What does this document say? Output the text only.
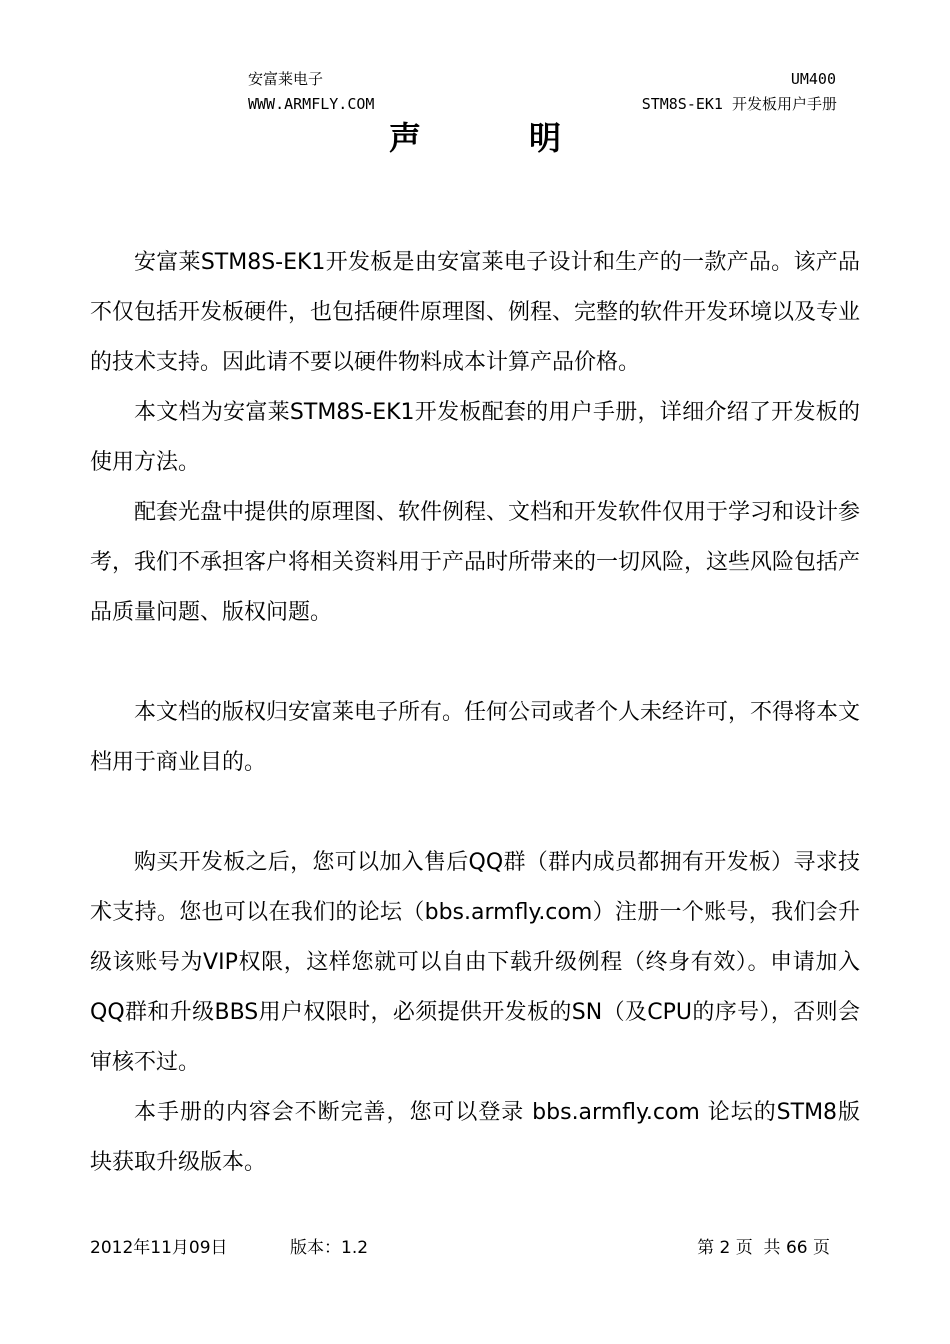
安富莱电子
WWW.ARMFLY.COM
UM400
STM8S-EK1 开发板用户手册
声	明

安富莱STM8S-EK1开发板是由安富莱电子设计和生产的一款产品。该产品不仅包括开发板硬件，也包括硬件原理图、例程、完整的软件开发环境以及专业的技术支持。因此请不要以硬件物料成本计算产品价格。

本文档为安富莱STM8S-EK1开发板配套的用户手册，详细介绍了开发板的使用方法。

配套光盘中提供的原理图、软件例程、文档和开发软件仅用于学习和设计参考，我们不承担客户将相关资料用于产品时所带来的一切风险，这些风险包括产品质量问题、版权问题。

本文档的版权归安富莱电子所有。任何公司或者个人未经许可，不得将本文档用于商业目的。

购买开发板之后，您可以加入售后QQ群（群内成员都拥有开发板）寻求技术支持。您也可以在我们的论坛（bbs.armfly.com）注册一个账号，我们会升级该账号为VIP权限，这样您就可以自由下载升级例程（终身有效）。申请加入QQ群和升级BBS用户权限时，必须提供开发板的SN（及CPU的序号），否则会审核不过。

本手册的内容会不断完善，您可以登录 bbs.armfly.com 论坛的STM8版块获取升级版本。

2012年11月09日	版本：1.2	第 2 页  共 66 页
